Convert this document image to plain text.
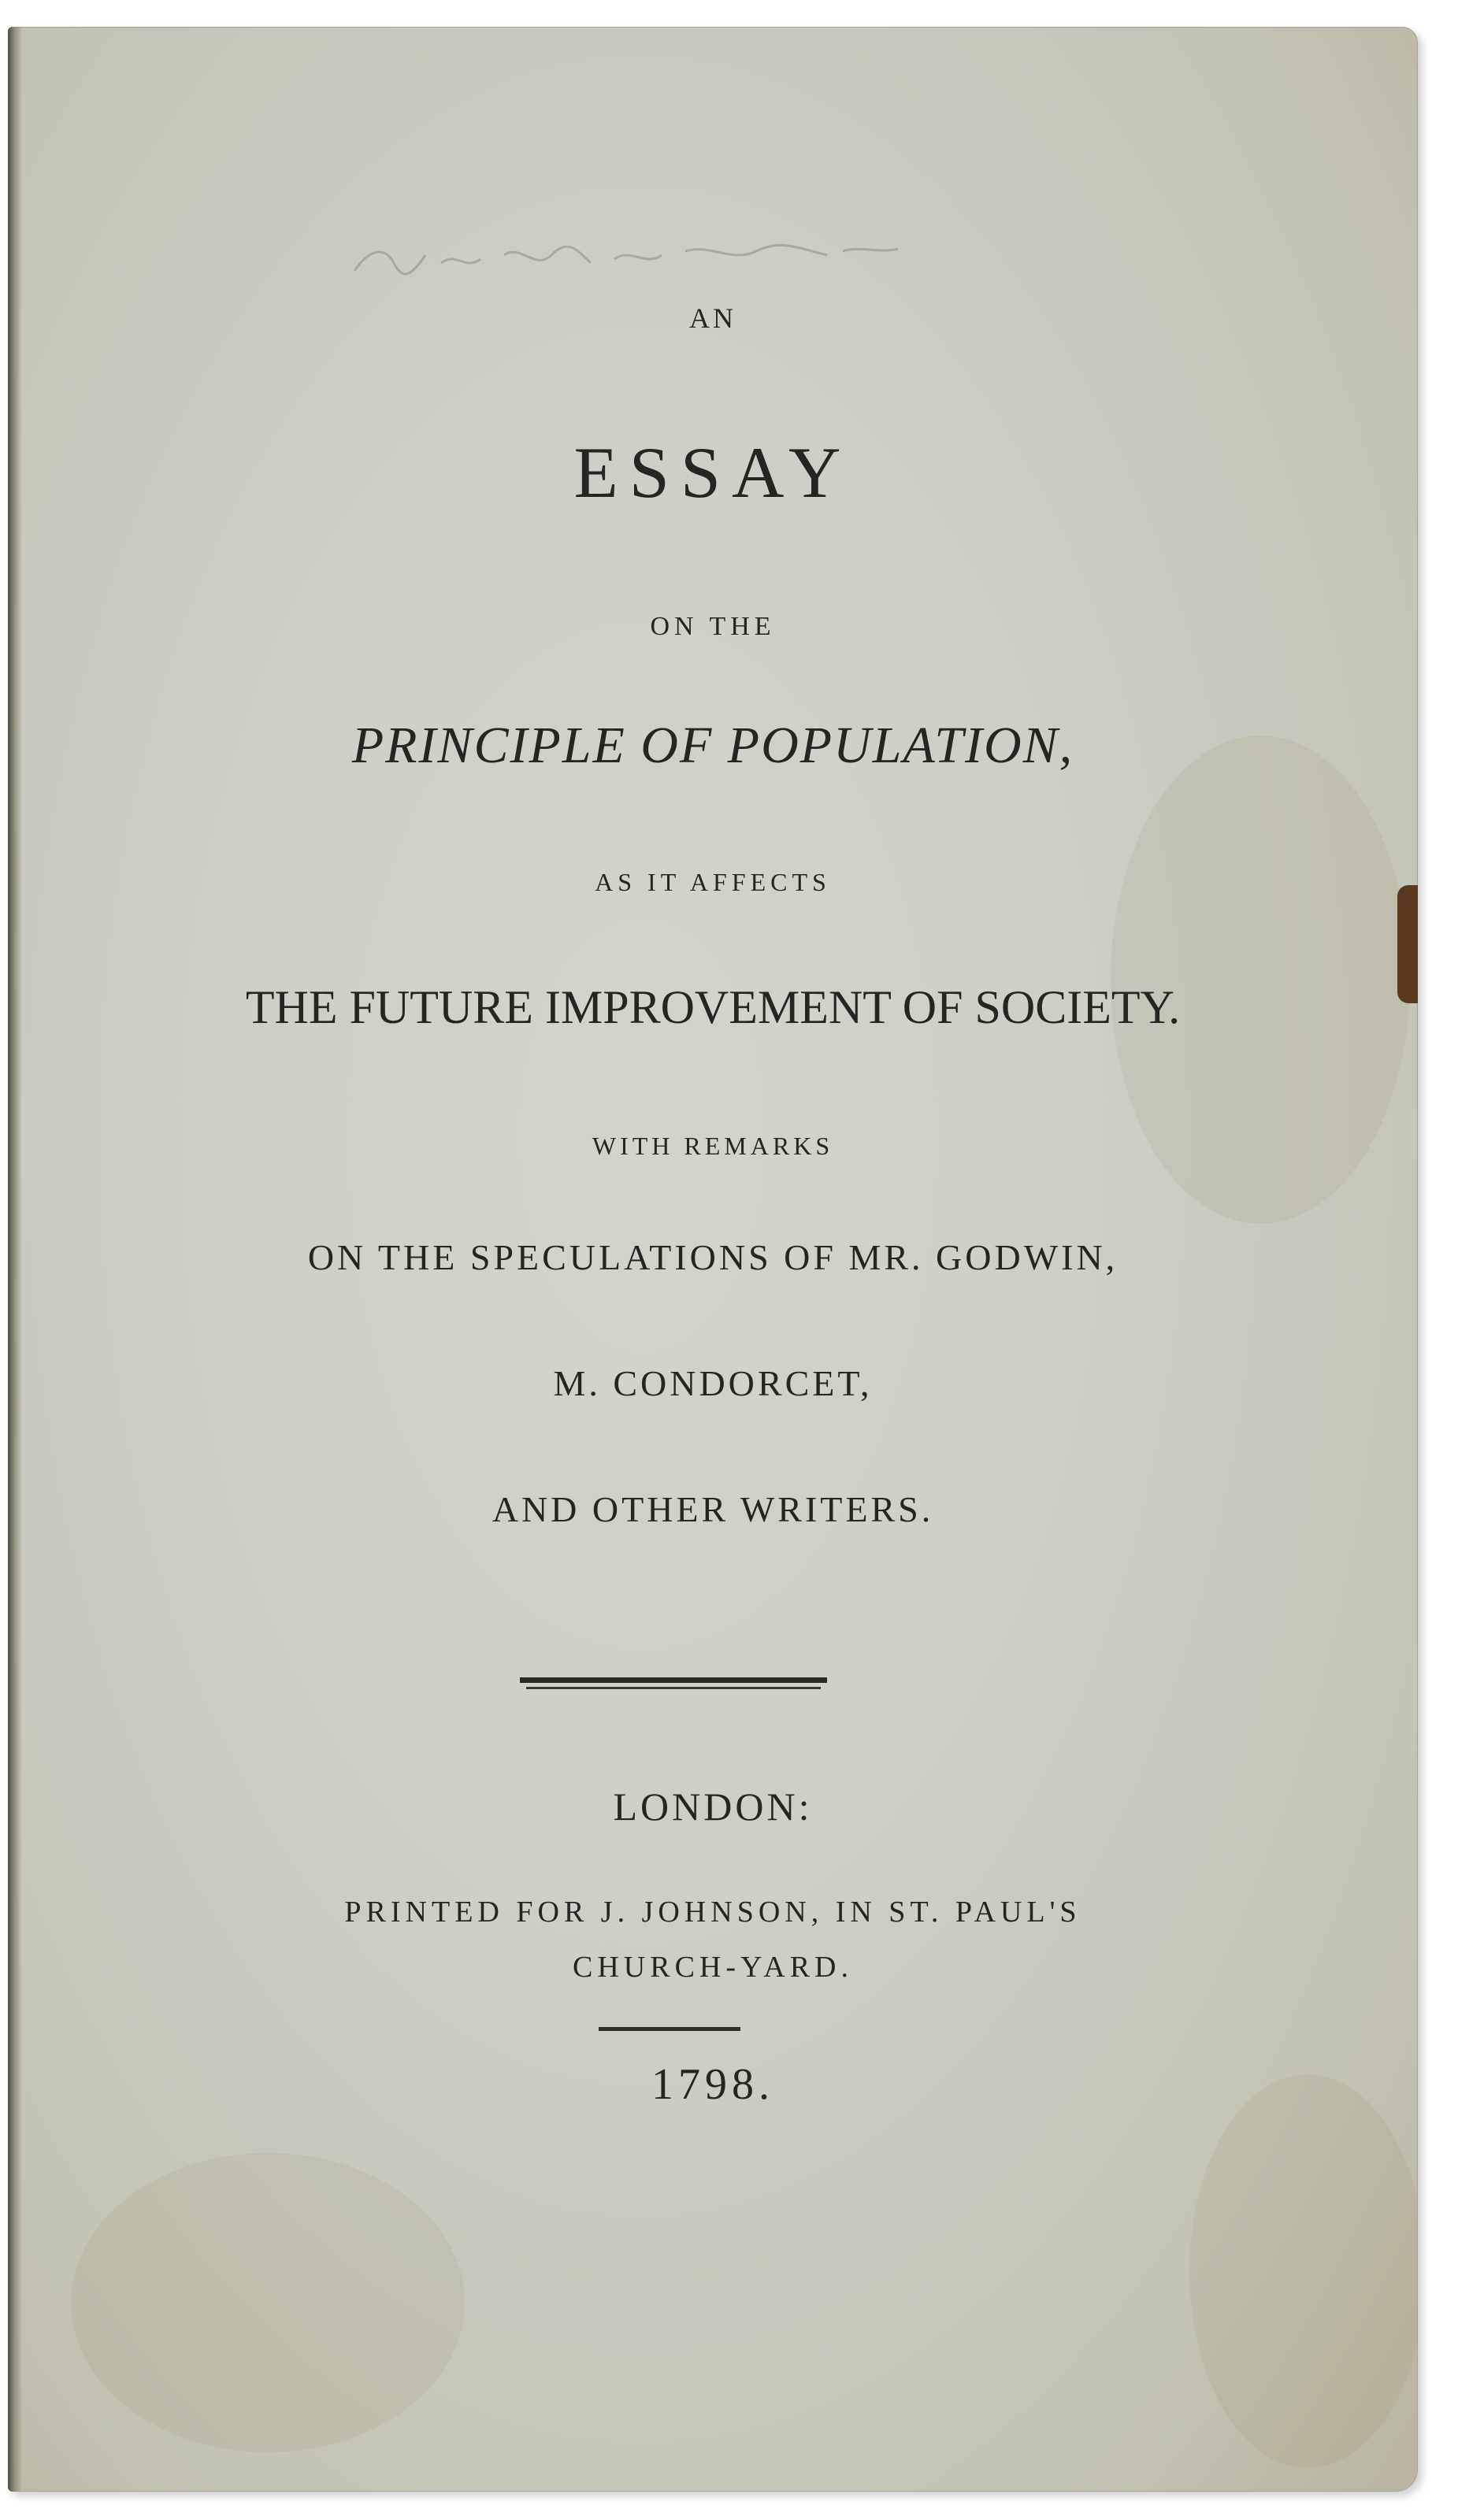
AN
ESSAY
ON THE
PRINCIPLE OF POPULATION,
AS IT AFFECTS
THE FUTURE IMPROVEMENT OF SOCIETY.
WITH REMARKS
ON THE SPECULATIONS OF MR. GODWIN,
M. CONDORCET,
AND OTHER WRITERS.
LONDON:
PRINTED FOR J. JOHNSON, IN ST. PAUL'S
CHURCH-YARD.
1798.
